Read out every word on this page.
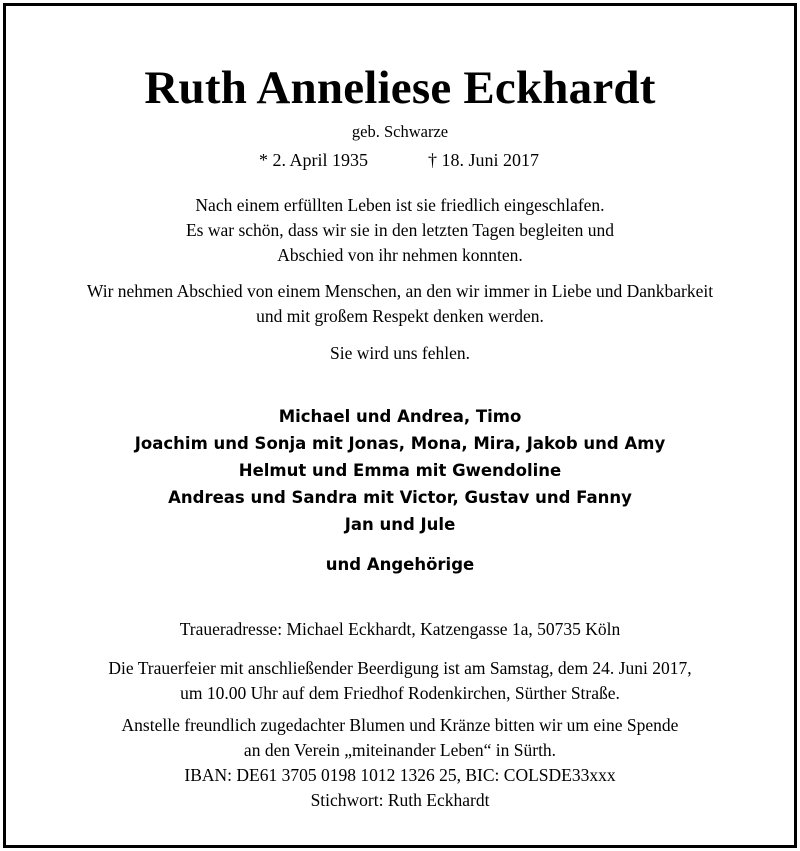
Ruth Anneliese Eckhardt
geb. Schwarze
* 2. April 1935	† 18. Juni 2017
Nach einem erfüllten Leben ist sie friedlich eingeschlafen.
Es war schön, dass wir sie in den letzten Tagen begleiten und
Abschied von ihr nehmen konnten.
Wir nehmen Abschied von einem Menschen, an den wir immer in Liebe und Dankbarkeit
und mit großem Respekt denken werden.
Sie wird uns fehlen.
Michael und Andrea, Timo
Joachim und Sonja mit Jonas, Mona, Mira, Jakob und Amy
Helmut und Emma mit Gwendoline
Andreas und Sandra mit Victor, Gustav und Fanny
Jan und Jule
und Angehörige
Traueradresse: Michael Eckhardt, Katzengasse 1a, 50735 Köln
Die Trauerfeier mit anschließender Beerdigung ist am Samstag, dem 24. Juni 2017,
um 10.00 Uhr auf dem Friedhof Rodenkirchen, Sürther Straße.
Anstelle freundlich zugedachter Blumen und Kränze bitten wir um eine Spende
an den Verein „miteinander Leben“ in Sürth.
IBAN: DE61 3705 0198 1012 1326 25, BIC: COLSDE33xxx
Stichwort: Ruth Eckhardt
